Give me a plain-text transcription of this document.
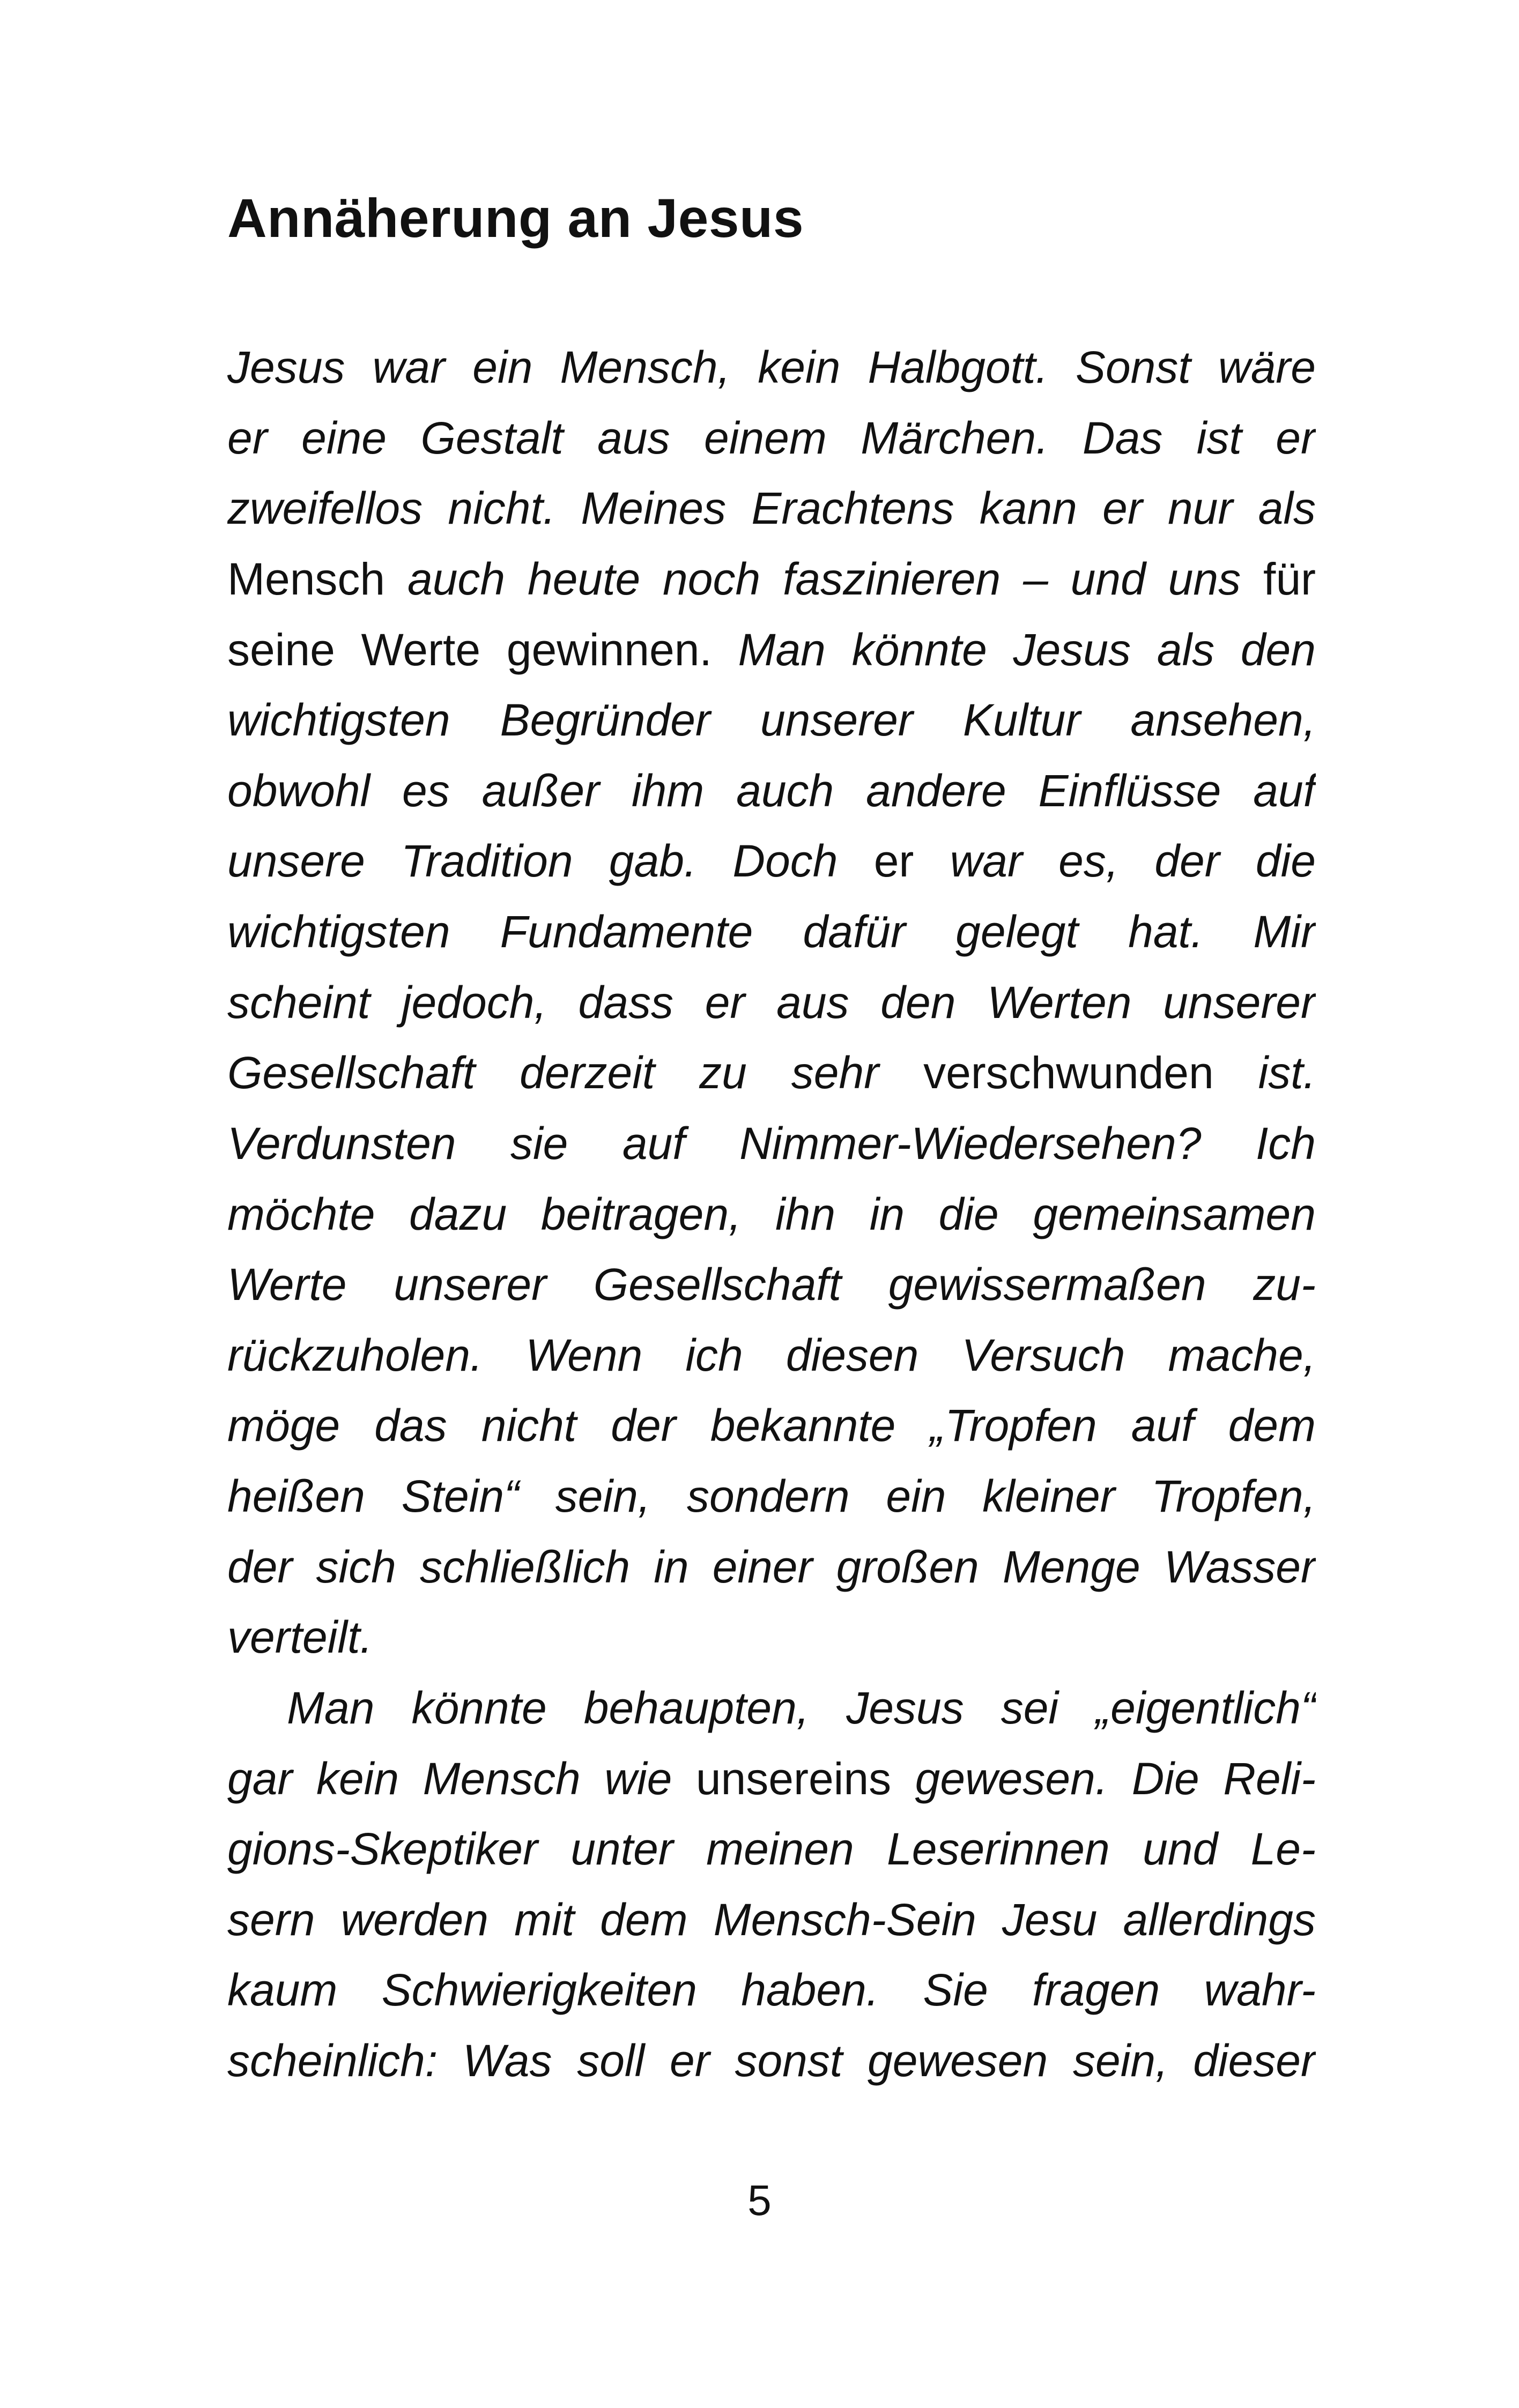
Annäherung an Jesus
Jesus war ein Mensch, kein Halbgott. Sonst wäre
er eine Gestalt aus einem Märchen. Das ist er
zweifellos nicht. Meines Erachtens kann er nur als
Mensch auch heute noch faszinieren – und uns für
seine Werte gewinnen. Man könnte Jesus als den
wichtigsten Begründer unserer Kultur ansehen,
obwohl es außer ihm auch andere Einflüsse auf
unsere Tradition gab. Doch er war es, der die
wichtigsten Fundamente dafür gelegt hat. Mir
scheint jedoch, dass er aus den Werten unserer
Gesellschaft derzeit zu sehr verschwunden ist.
Verdunsten sie auf Nimmer-Wiedersehen? Ich
möchte dazu beitragen, ihn in die gemeinsamen
Werte unserer Gesellschaft gewissermaßen zu-
rückzuholen. Wenn ich diesen Versuch mache,
möge das nicht der bekannte „Tropfen auf dem
heißen Stein“ sein, sondern ein kleiner Tropfen,
der sich schließlich in einer großen Menge Wasser
verteilt.
Man könnte behaupten, Jesus sei „eigentlich“
gar kein Mensch wie unsereins gewesen. Die Reli-
gions-Skeptiker unter meinen Leserinnen und Le-
sern werden mit dem Mensch-Sein Jesu allerdings
kaum Schwierigkeiten haben. Sie fragen wahr-
scheinlich: Was soll er sonst gewesen sein, dieser
5
